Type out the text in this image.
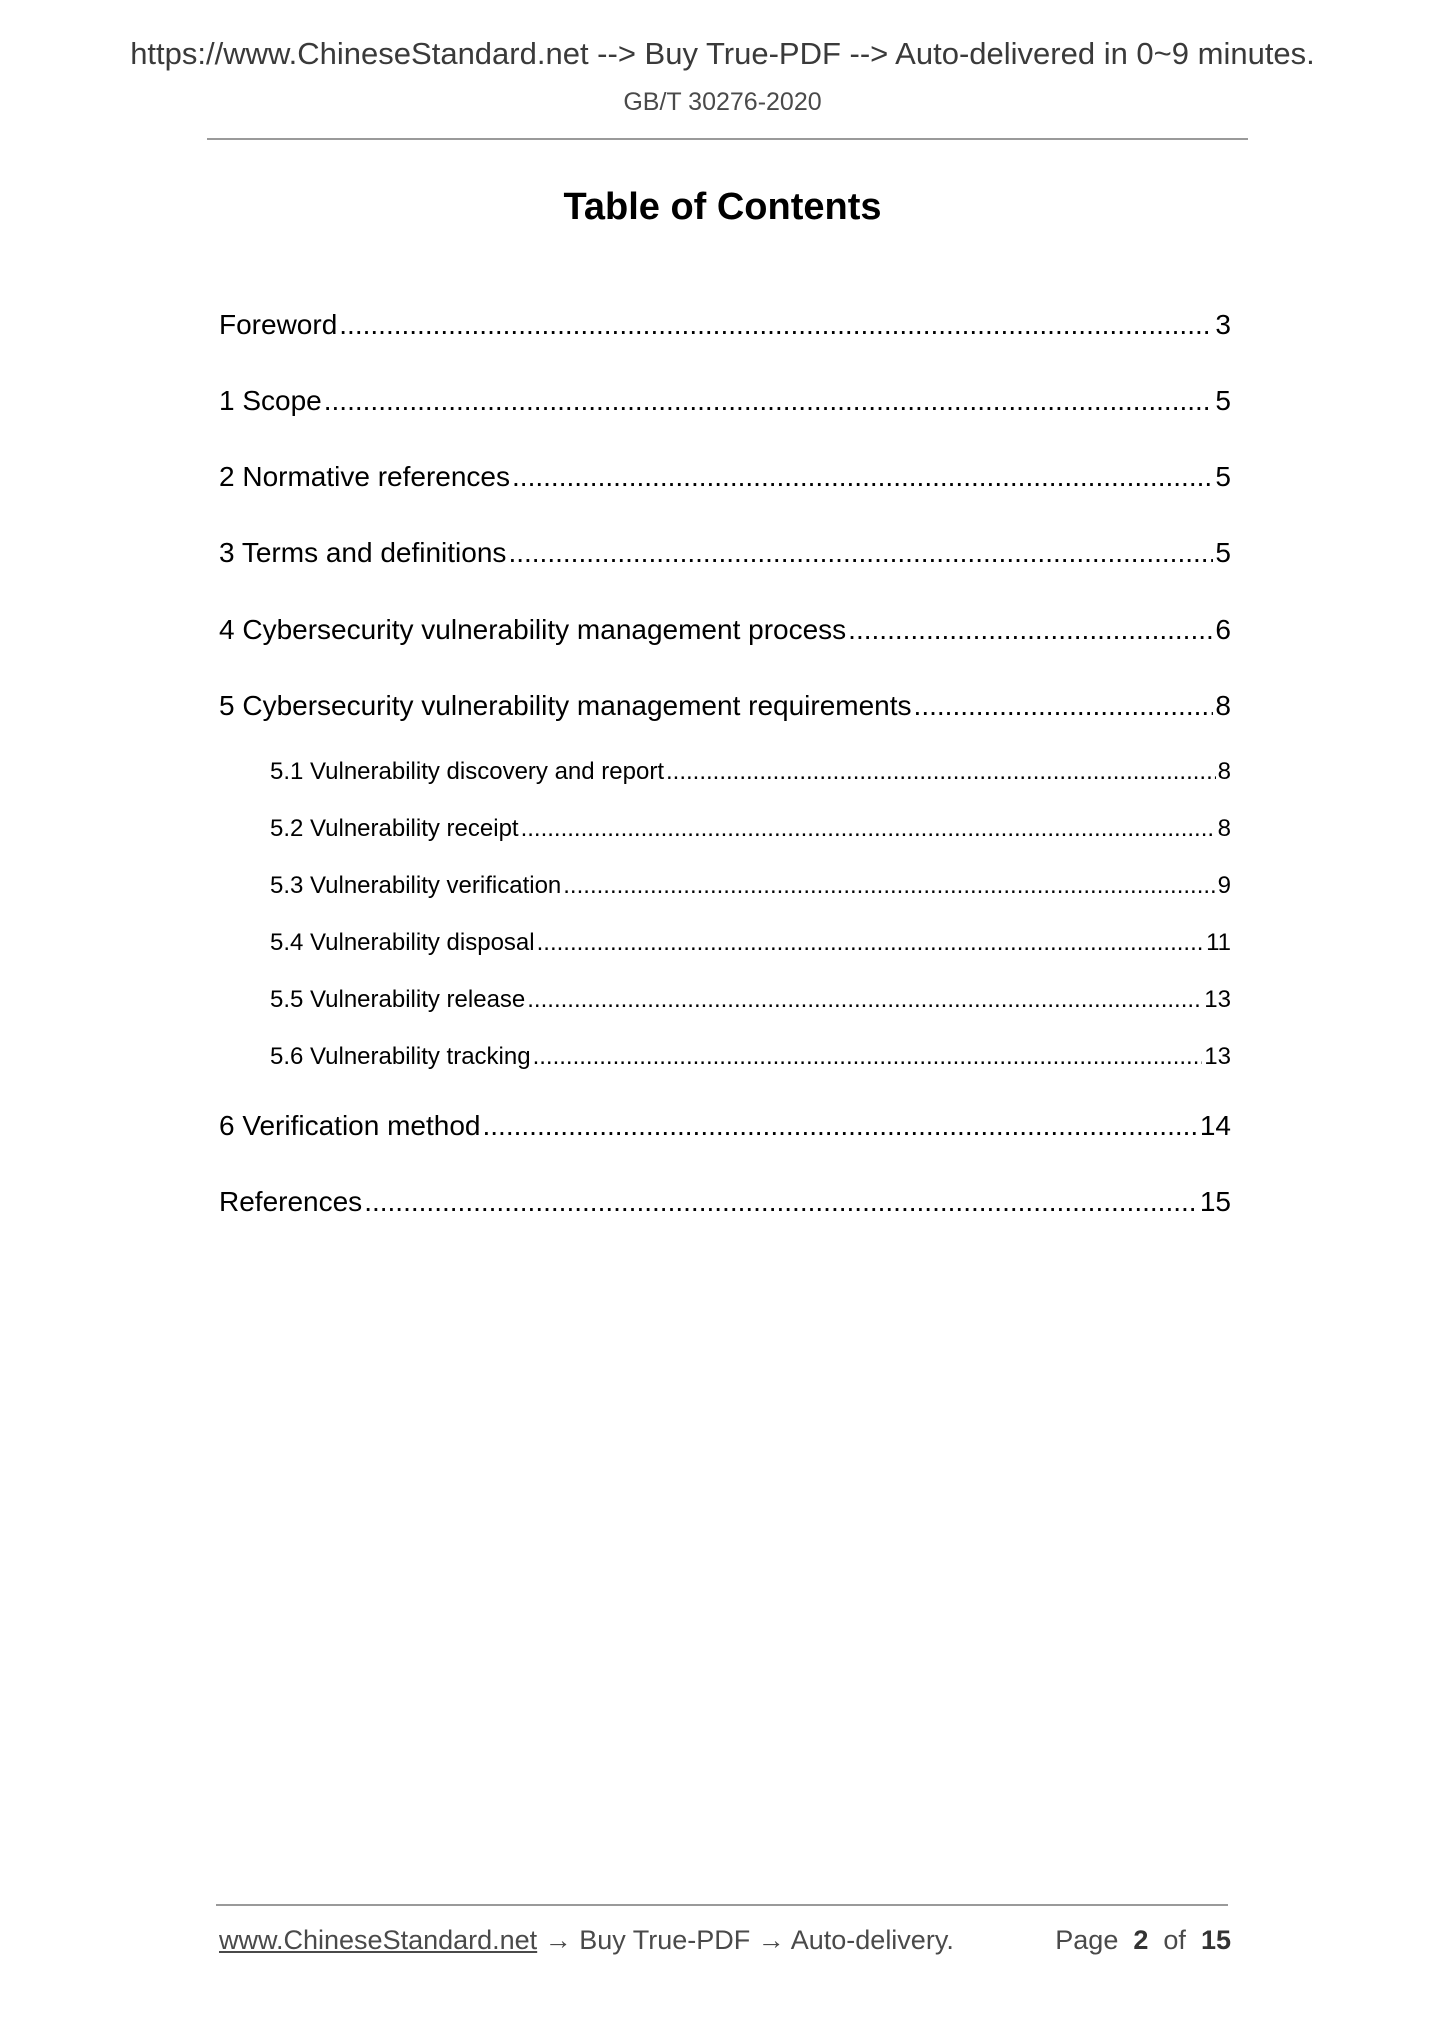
https://www.ChineseStandard.net --> Buy True-PDF --> Auto-delivered in 0~9 minutes.
GB/T 30276-2020
Table of Contents
Foreword .....	3
1 Scope .....	5
2 Normative references .....	5
3 Terms and definitions .....	5
4 Cybersecurity vulnerability management process .....	6
5 Cybersecurity vulnerability management requirements .....	8
5.1 Vulnerability discovery and report .....	8
5.2 Vulnerability receipt .....	8
5.3 Vulnerability verification .....	9
5.4 Vulnerability disposal .....	11
5.5 Vulnerability release .....	13
5.6 Vulnerability tracking .....	13
6 Verification method .....	14
References .....	15
www.ChineseStandard.net → Buy True-PDF → Auto-delivery.	Page 2 of 15
